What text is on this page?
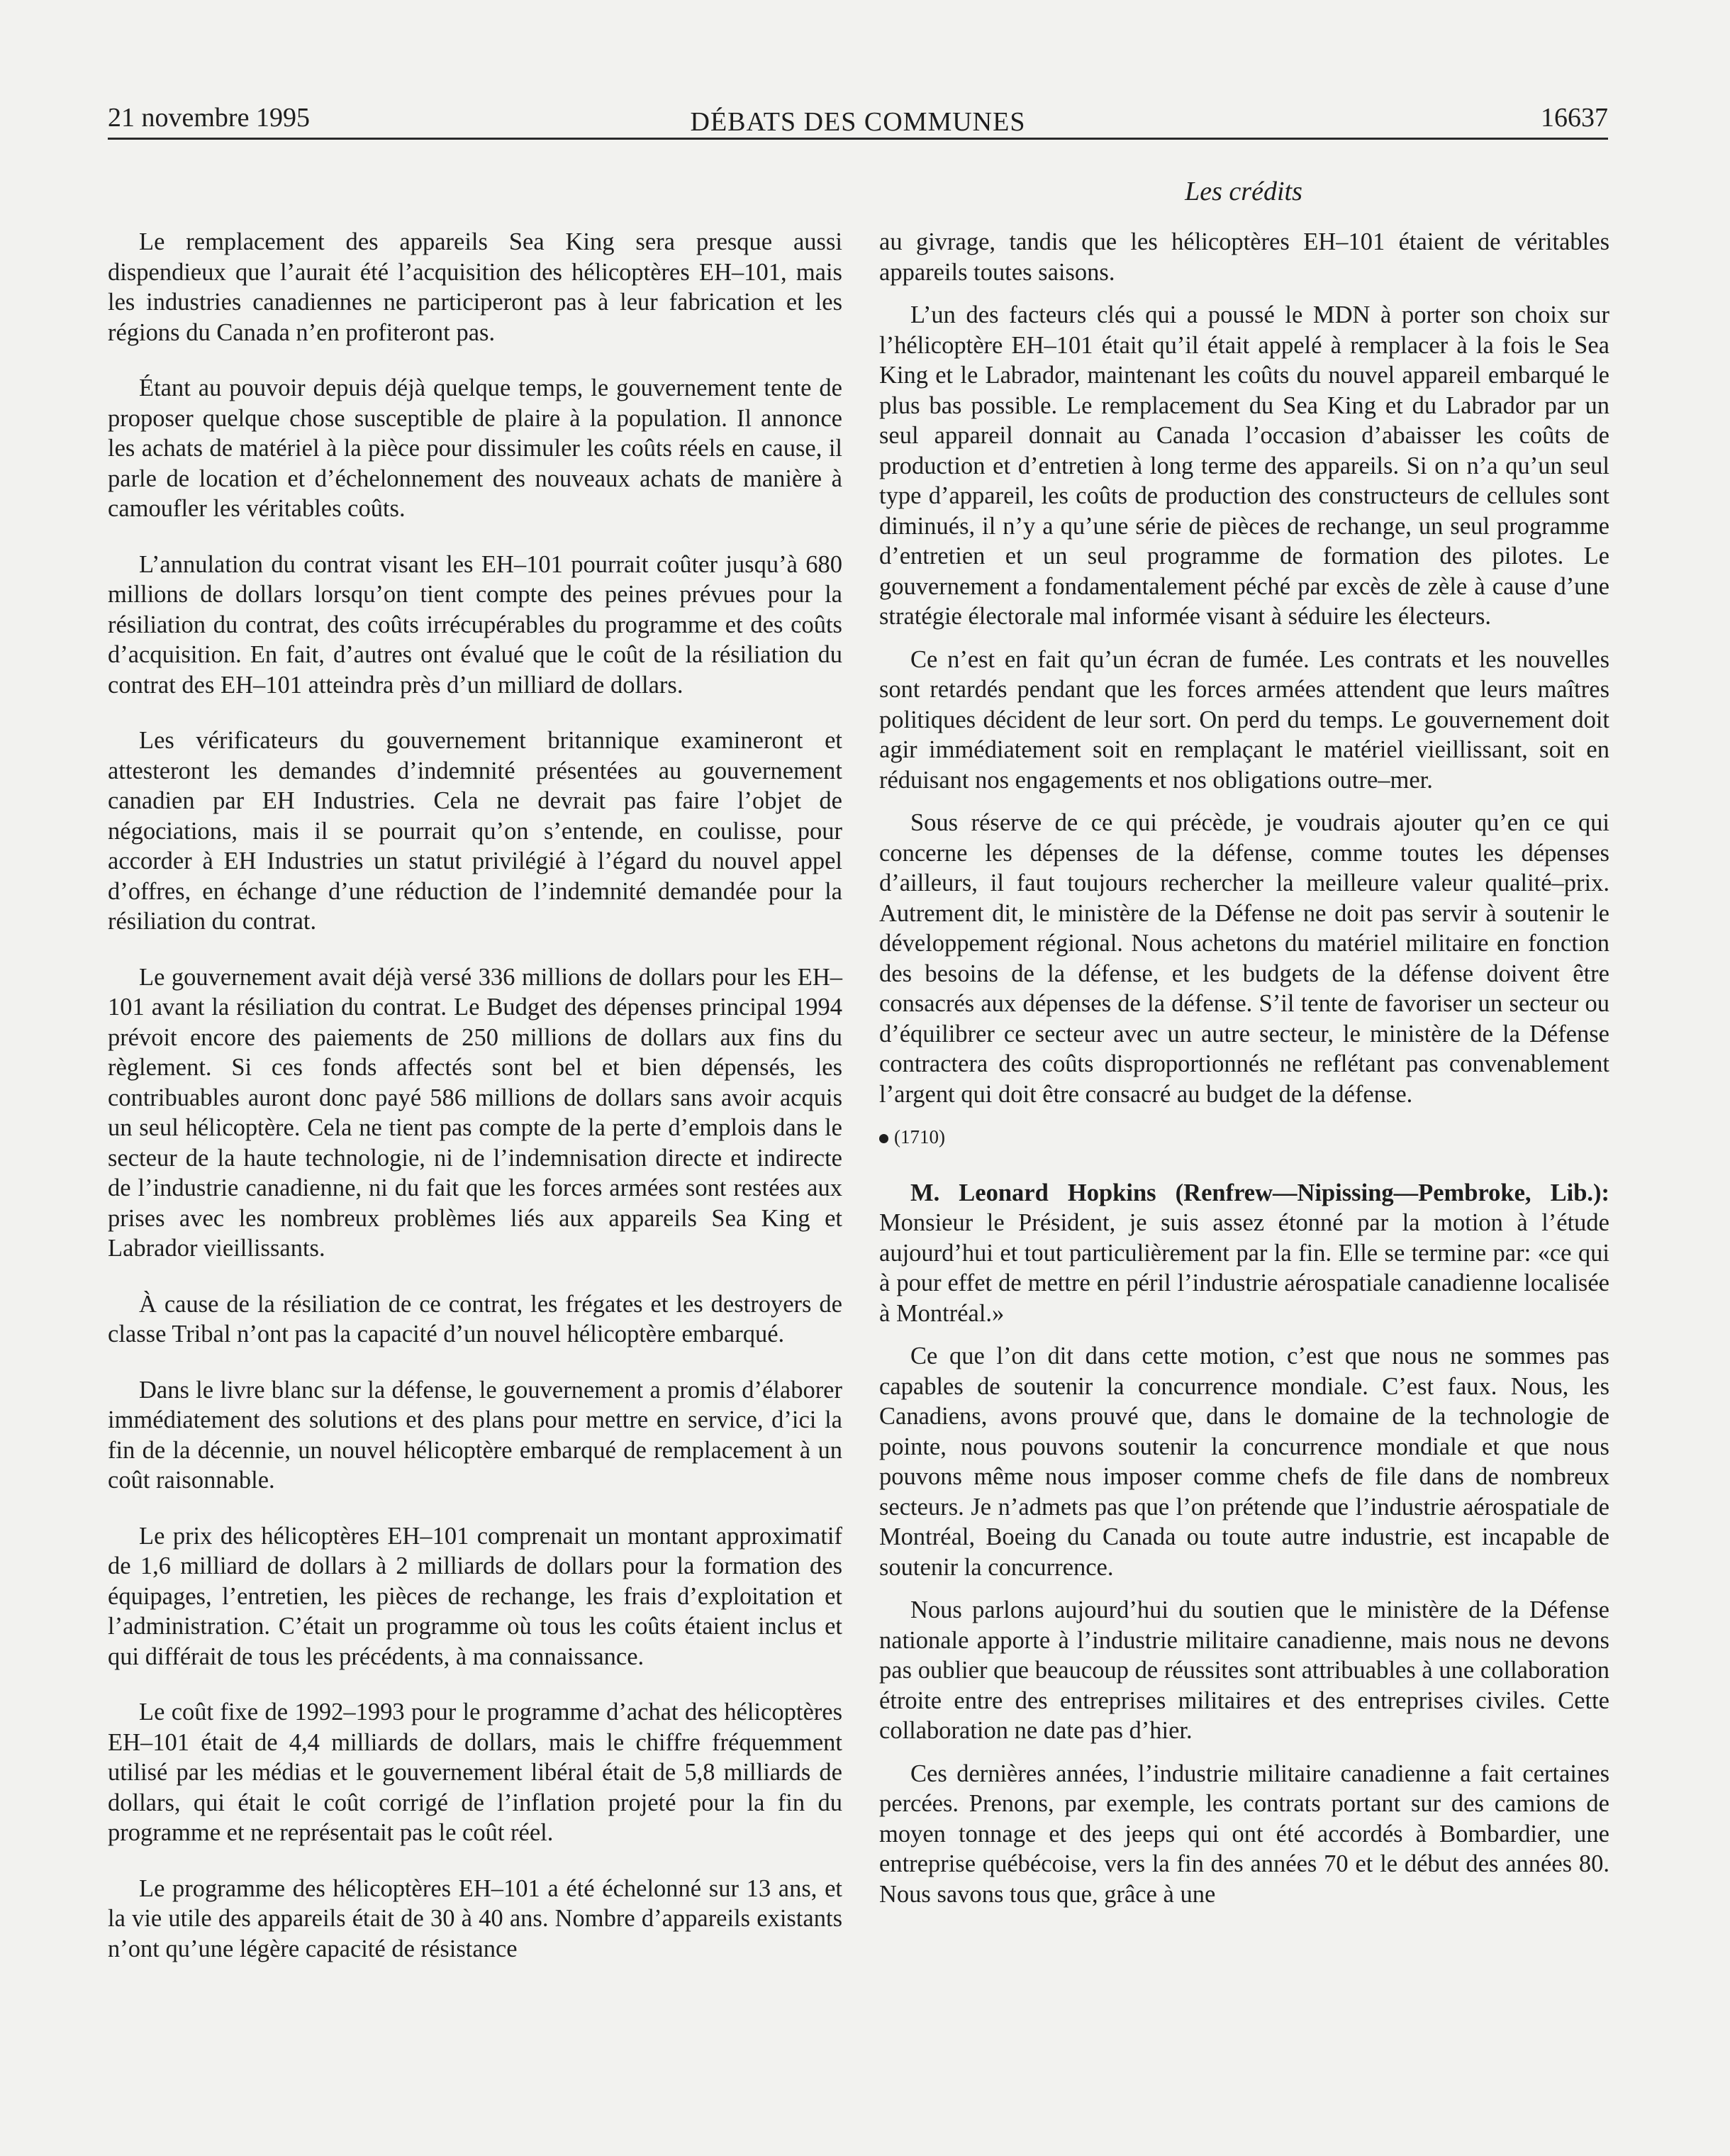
21 novembre 1995	DÉBATS DES COMMUNES	16637
Les crédits

Le remplacement des appareils Sea King sera presque aussi dispendieux que l’aurait été l’acquisition des hélicoptères EH–101, mais les industries canadiennes ne participeront pas à leur fabrication et les régions du Canada n’en profiteront pas.

Étant au pouvoir depuis déjà quelque temps, le gouvernement tente de proposer quelque chose susceptible de plaire à la population. Il annonce les achats de matériel à la pièce pour dissimuler les coûts réels en cause, il parle de location et d’échelonnement des nouveaux achats de manière à camoufler les véritables coûts.

L’annulation du contrat visant les EH–101 pourrait coûter jusqu’à 680 millions de dollars lorsqu’on tient compte des peines prévues pour la résiliation du contrat, des coûts irrécupérables du programme et des coûts d’acquisition. En fait, d’autres ont évalué que le coût de la résiliation du contrat des EH–101 atteindra près d’un milliard de dollars.

Les vérificateurs du gouvernement britannique examineront et attesteront les demandes d’indemnité présentées au gouvernement canadien par EH Industries. Cela ne devrait pas faire l’objet de négociations, mais il se pourrait qu’on s’entende, en coulisse, pour accorder à EH Industries un statut privilégié à l’égard du nouvel appel d’offres, en échange d’une réduction de l’indemnité demandée pour la résiliation du contrat.

Le gouvernement avait déjà versé 336 millions de dollars pour les EH–101 avant la résiliation du contrat. Le Budget des dépenses principal 1994 prévoit encore des paiements de 250 millions de dollars aux fins du règlement. Si ces fonds affectés sont bel et bien dépensés, les contribuables auront donc payé 586 millions de dollars sans avoir acquis un seul hélicoptère. Cela ne tient pas compte de la perte d’emplois dans le secteur de la haute technologie, ni de l’indemnisation directe et indirecte de l’industrie canadienne, ni du fait que les forces armées sont restées aux prises avec les nombreux problèmes liés aux appareils Sea King et Labrador vieillissants.

À cause de la résiliation de ce contrat, les frégates et les destroyers de classe Tribal n’ont pas la capacité d’un nouvel hélicoptère embarqué.

Dans le livre blanc sur la défense, le gouvernement a promis d’élaborer immédiatement des solutions et des plans pour mettre en service, d’ici la fin de la décennie, un nouvel hélicoptère embarqué de remplacement à un coût raisonnable.

Le prix des hélicoptères EH–101 comprenait un montant approximatif de 1,6 milliard de dollars à 2 milliards de dollars pour la formation des équipages, l’entretien, les pièces de rechange, les frais d’exploitation et l’administration. C’était un programme où tous les coûts étaient inclus et qui différait de tous les précédents, à ma connaissance.

Le coût fixe de 1992–1993 pour le programme d’achat des hélicoptères EH–101 était de 4,4 milliards de dollars, mais le chiffre fréquemment utilisé par les médias et le gouvernement libéral était de 5,8 milliards de dollars, qui était le coût corrigé de l’inflation projeté pour la fin du programme et ne représentait pas le coût réel.

Le programme des hélicoptères EH–101 a été échelonné sur 13 ans, et la vie utile des appareils était de 30 à 40 ans. Nombre d’appareils existants n’ont qu’une légère capacité de résistance

au givrage, tandis que les hélicoptères EH–101 étaient de véritables appareils toutes saisons.

L’un des facteurs clés qui a poussé le MDN à porter son choix sur l’hélicoptère EH–101 était qu’il était appelé à remplacer à la fois le Sea King et le Labrador, maintenant les coûts du nouvel appareil embarqué le plus bas possible. Le remplacement du Sea King et du Labrador par un seul appareil donnait au Canada l’occasion d’abaisser les coûts de production et d’entretien à long terme des appareils. Si on n’a qu’un seul type d’appareil, les coûts de production des constructeurs de cellules sont diminués, il n’y a qu’une série de pièces de rechange, un seul programme d’entretien et un seul programme de formation des pilotes. Le gouvernement a fondamentalement péché par excès de zèle à cause d’une stratégie électorale mal informée visant à séduire les électeurs.

Ce n’est en fait qu’un écran de fumée. Les contrats et les nouvelles sont retardés pendant que les forces armées attendent que leurs maîtres politiques décident de leur sort. On perd du temps. Le gouvernement doit agir immédiatement soit en remplaçant le matériel vieillissant, soit en réduisant nos engagements et nos obligations outre–mer.

Sous réserve de ce qui précède, je voudrais ajouter qu’en ce qui concerne les dépenses de la défense, comme toutes les dépenses d’ailleurs, il faut toujours rechercher la meilleure valeur qualité–prix. Autrement dit, le ministère de la Défense ne doit pas servir à soutenir le développement régional. Nous achetons du matériel militaire en fonction des besoins de la défense, et les budgets de la défense doivent être consacrés aux dépenses de la défense. S’il tente de favoriser un secteur ou d’équilibrer ce secteur avec un autre secteur, le ministère de la Défense contractera des coûts disproportionnés ne reflétant pas convenablement l’argent qui doit être consacré au budget de la défense.

(1710)

M. Leonard Hopkins (Renfrew—Nipissing—Pembroke, Lib.): Monsieur le Président, je suis assez étonné par la motion à l’étude aujourd’hui et tout particulièrement par la fin. Elle se termine par: «ce qui à pour effet de mettre en péril l’industrie aérospatiale canadienne localisée à Montréal.»

Ce que l’on dit dans cette motion, c’est que nous ne sommes pas capables de soutenir la concurrence mondiale. C’est faux. Nous, les Canadiens, avons prouvé que, dans le domaine de la technologie de pointe, nous pouvons soutenir la concurrence mondiale et que nous pouvons même nous imposer comme chefs de file dans de nombreux secteurs. Je n’admets pas que l’on prétende que l’industrie aérospatiale de Montréal, Boeing du Canada ou toute autre industrie, est incapable de soutenir la concurrence.

Nous parlons aujourd’hui du soutien que le ministère de la Défense nationale apporte à l’industrie militaire canadienne, mais nous ne devons pas oublier que beaucoup de réussites sont attribuables à une collaboration étroite entre des entreprises militaires et des entreprises civiles. Cette collaboration ne date pas d’hier.

Ces dernières années, l’industrie militaire canadienne a fait certaines percées. Prenons, par exemple, les contrats portant sur des camions de moyen tonnage et des jeeps qui ont été accordés à Bombardier, une entreprise québécoise, vers la fin des années 70 et le début des années 80. Nous savons tous que, grâce à une
